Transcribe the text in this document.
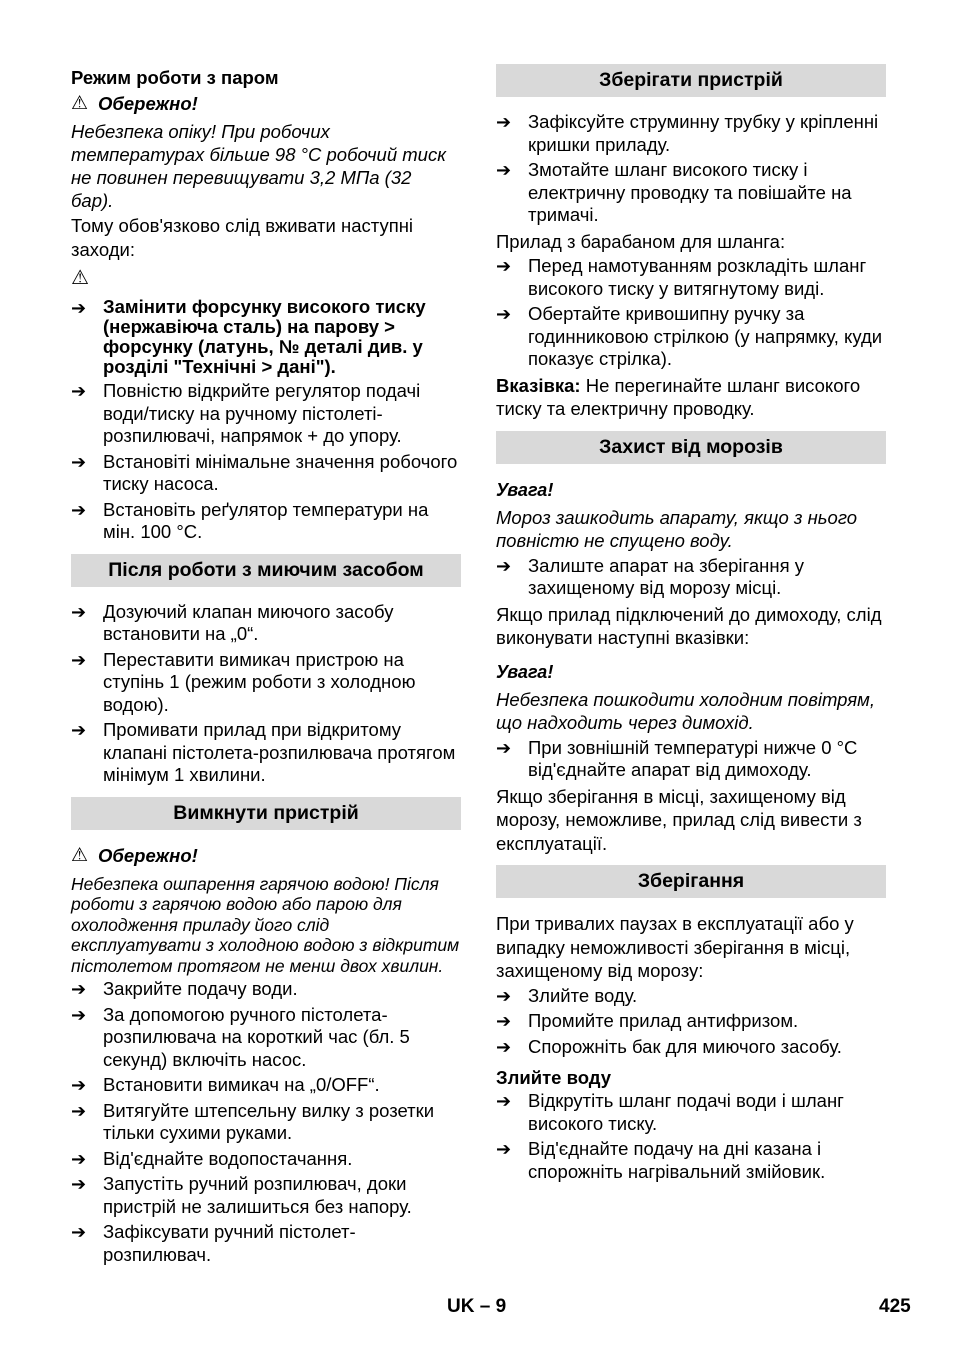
Режим роботи з паром
⚠ Обережно!
Небезпека опіку! При робочих температурах більше 98 °C робочий тиск не повинен перевищувати 3,2 МПа (32 бар).
Тому обов'язково слід вживати наступні заходи:
⚠
➔ Замінити форсунку високого тиску (нержавіюча сталь) на парову > форсунку (латунь, № деталі див. у розділі "Технічні > дані").
➔ Повністю відкрийте регулятор подачі води/тиску на ручному пістолеті-розпилювачі, напрямок + до упору.
➔ Встановіті мінімальне значення робочого тиску насоса.
➔ Встановіть реґулятор температури на мін. 100 °C.
Після роботи з миючим засобом
➔ Дозуючий клапан миючого засобу встановити на „0“.
➔ Переставити вимикач пристрою на ступінь 1 (режим роботи з холодною водою).
➔ Промивати прилад при відкритому клапані пістолета-розпилювача протягом мінімум 1 хвилини.
Вимкнути пристрій
⚠ Обережно!
Небезпека ошпарення гарячою водою! Після роботи з гарячою водою або парою для охолодження приладу його слід експлуатувати з холодною водою з відкритим пістолетом протягом не менш двох хвилин.
➔ Закрийте подачу води.
➔ За допомогою ручного пістолета-розпилювача на короткий час (бл. 5 секунд) включіть насос.
➔ Встановити вимикач на „0/OFF“.
➔ Витягуйте штепсельну вилку з розетки тільки сухими руками.
➔ Від'єднайте водопостачання.
➔ Запустіть ручний розпилювач, доки пристрій не залишиться без напору.
➔ Зафіксувати ручний пістолет-розпилювач.
Зберігати пристрій
➔ Зафіксуйте струминну трубку у кріпленні кришки приладу.
➔ Змотайте шланг високого тиску і електричну проводку та повішайте на тримачі.
Прилад з барабаном для шланга:
➔ Перед намотуванням розкладіть шланг високого тиску у витягнутому виді.
➔ Обертайте кривошипну ручку за годинниковою стрілкою (у напрямку, куди показує стрілка).
Вказівка: Не перегинайте шланг високого тиску та електричну проводку.
Захист від морозів
Увага!
Мороз зашкодить апарату, якщо з нього повністю не спущено воду.
➔ Залиште апарат на зберігання у захищеному від морозу місці.
Якщо прилад підключений до димоходу, слід виконувати наступні вказівки:
Увага!
Небезпека пошкодити холодним повітрям, що надходить через димохід.
➔ При зовнішній температурі нижче 0 °C від'єднайте апарат від димоходу.
Якщо зберігання в місці, захищеному від морозу, неможливе, прилад слід вивести з експлуатації.
Зберігання
При тривалих паузах в експлуатації або у випадку неможливості зберігання в місці, захищеному від морозу:
➔ Злийте воду.
➔ Промийте прилад антифризом.
➔ Спорожніть бак для миючого засобу.
Злийте воду
➔ Відкрутіть шланг подачі води і шланг високого тиску.
➔ Від'єднайте подачу на дні казана і спорожніть нагрівальний змійовик.
UK – 9	425
